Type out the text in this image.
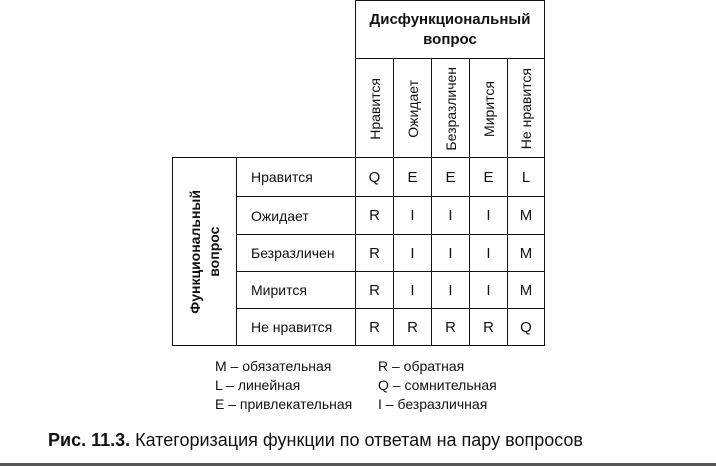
Дисфункциональный
вопрос
Нравится Ожидает Безразличен Мирится Не нравится
Функциональный вопрос
Нравится	Q E E E L
Ожидает	R I I I M
Безразличен R I I I M
Мирится	R I I I M
Не нравится R R R R Q
M – обязательная
L – линейная
E – привлекательная
R – обратная
Q – сомнительная
I – безразличная
Рис. 11.3. Категоризация функции по ответам на пару вопросов
